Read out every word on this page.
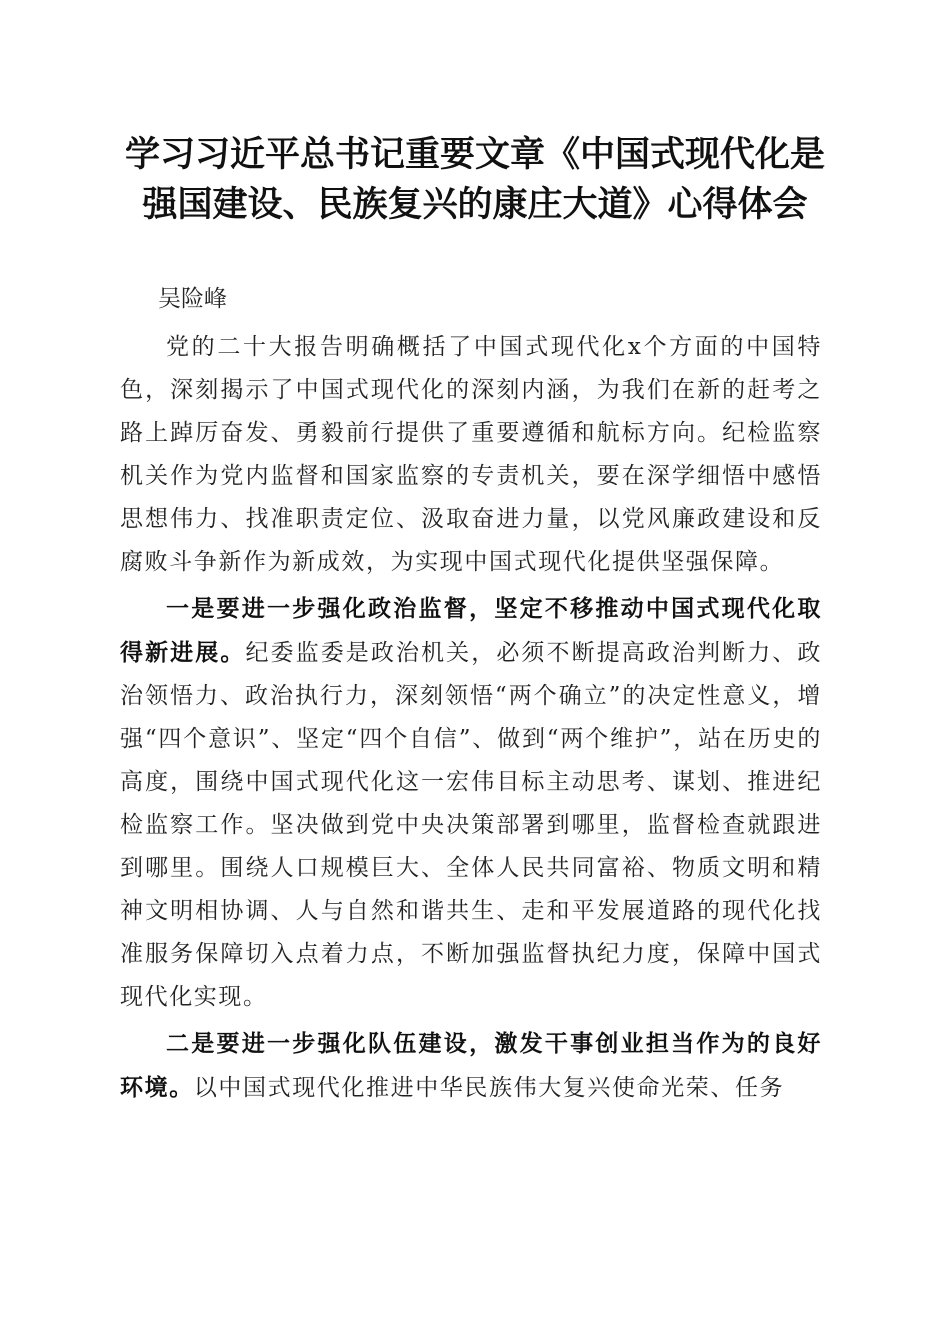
学习习近平总书记重要文章《中国式现代化是
强国建设、民族复兴的康庄大道》心得体会

吴险峰

党的二十大报告明确概括了中国式现代化x个方面的中国特色，深刻揭示了中国式现代化的深刻内涵，为我们在新的赶考之路上踔厉奋发、勇毅前行提供了重要遵循和航标方向。纪检监察机关作为党内监督和国家监察的专责机关，要在深学细悟中感悟思想伟力、找准职责定位、汲取奋进力量，以党风廉政建设和反腐败斗争新作为新成效，为实现中国式现代化提供坚强保障。

一是要进一步强化政治监督，坚定不移推动中国式现代化取得新进展。纪委监委是政治机关，必须不断提高政治判断力、政治领悟力、政治执行力，深刻领悟“两个确立”的决定性意义，增强“四个意识”、坚定“四个自信”、做到“两个维护”，站在历史的高度，围绕中国式现代化这一宏伟目标主动思考、谋划、推进纪检监察工作。坚决做到党中央决策部署到哪里，监督检查就跟进到哪里。围绕人口规模巨大、全体人民共同富裕、物质文明和精神文明相协调、人与自然和谐共生、走和平发展道路的现代化找准服务保障切入点着力点，不断加强监督执纪力度，保障中国式现代化实现。

二是要进一步强化队伍建设，激发干事创业担当作为的良好环境。以中国式现代化推进中华民族伟大复兴使命光荣、任务
